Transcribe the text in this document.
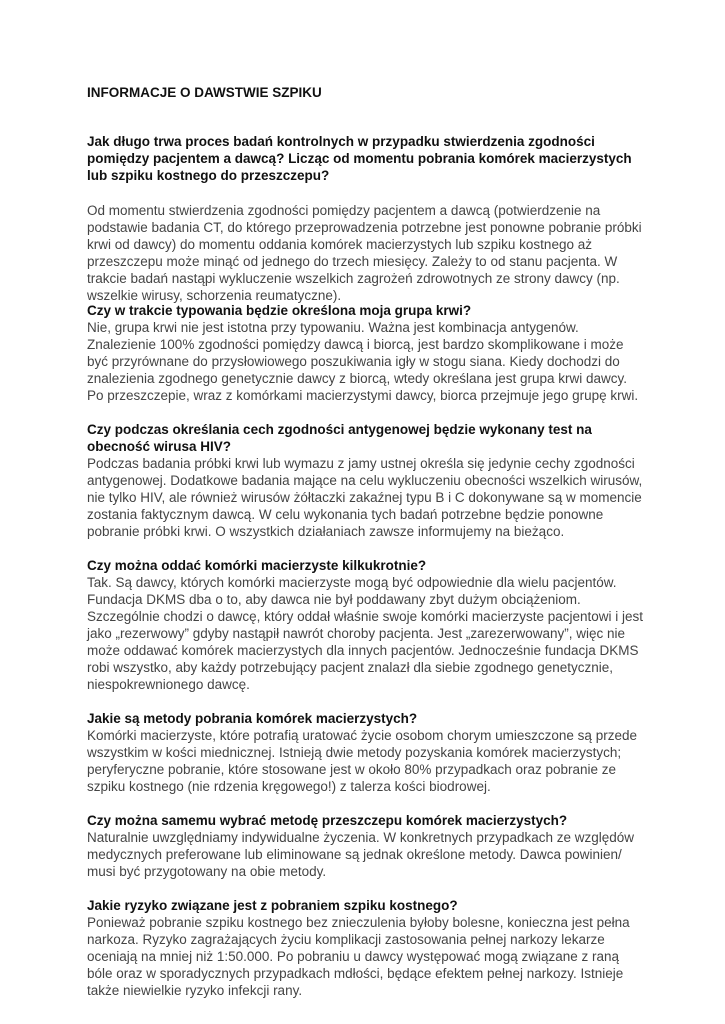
INFORMACJE O DAWSTWIE SZPIKU

Jak długo trwa proces badań kontrolnych w przypadku stwierdzenia zgodności
pomiędzy pacjentem a dawcą? Licząc od momentu pobrania komórek macierzystych
lub szpiku kostnego do przeszczepu?

Od momentu stwierdzenia zgodności pomiędzy pacjentem a dawcą (potwierdzenie na
podstawie badania CT, do którego przeprowadzenia potrzebne jest ponowne pobranie próbki
krwi od dawcy) do momentu oddania komórek macierzystych lub szpiku kostnego aż
przeszczepu może minąć od jednego do trzech miesięcy. Zależy to od stanu pacjenta. W
trakcie badań nastąpi wykluczenie wszelkich zagrożeń zdrowotnych ze strony dawcy (np.
wszelkie wirusy, schorzenia reumatyczne).

Czy w trakcie typowania będzie określona moja grupa krwi?

Nie, grupa krwi nie jest istotna przy typowaniu. Ważna jest kombinacja antygenów.
Znalezienie 100% zgodności pomiędzy dawcą i biorcą, jest bardzo skomplikowane i może
być przyrównane do przysłowiowego poszukiwania igły w stogu siana. Kiedy dochodzi do
znalezienia zgodnego genetycznie dawcy z biorcą, wtedy określana jest grupa krwi dawcy.
Po przeszczepie, wraz z komórkami macierzystymi dawcy, biorca przejmuje jego grupę krwi.

Czy podczas określania cech zgodności antygenowej będzie wykonany test na
obecność wirusa HIV?

Podczas badania próbki krwi lub wymazu z jamy ustnej określa się jedynie cechy zgodności
antygenowej. Dodatkowe badania mające na celu wykluczeniu obecności wszelkich wirusów,
nie tylko HIV, ale również wirusów żółtaczki zakaźnej typu B i C dokonywane są w momencie
zostania faktycznym dawcą. W celu wykonania tych badań potrzebne będzie ponowne
pobranie próbki krwi. O wszystkich działaniach zawsze informujemy na bieżąco.

Czy można oddać komórki macierzyste kilkukrotnie?

Tak. Są dawcy, których komórki macierzyste mogą być odpowiednie dla wielu pacjentów.
Fundacja DKMS dba o to, aby dawca nie był poddawany zbyt dużym obciążeniom.
Szczególnie chodzi o dawcę, który oddał właśnie swoje komórki macierzyste pacjentowi i jest
jako „rezerwowy” gdyby nastąpił nawrót choroby pacjenta. Jest „zarezerwowany”, więc nie
może oddawać komórek macierzystych dla innych pacjentów. Jednocześnie fundacja DKMS
robi wszystko, aby każdy potrzebujący pacjent znalazł dla siebie zgodnego genetycznie,
niespokrewnionego dawcę.

Jakie są metody pobrania komórek macierzystych?

Komórki macierzyste, które potrafią uratować życie osobom chorym umieszczone są przede
wszystkim w kości miednicznej. Istnieją dwie metody pozyskania komórek macierzystych;
peryferyczne pobranie, które stosowane jest w około 80% przypadkach oraz pobranie ze
szpiku kostnego (nie rdzenia kręgowego!) z talerza kości biodrowej.

Czy można samemu wybrać metodę przeszczepu komórek macierzystych?

Naturalnie uwzględniamy indywidualne życzenia. W konkretnych przypadkach ze względów
medycznych preferowane lub eliminowane są jednak określone metody. Dawca powinien/
musi być przygotowany na obie metody.

Jakie ryzyko związane jest z pobraniem szpiku kostnego?

Ponieważ pobranie szpiku kostnego bez znieczulenia byłoby bolesne, konieczna jest pełna
narkoza. Ryzyko zagrażających życiu komplikacji zastosowania pełnej narkozy lekarze
oceniają na mniej niż 1:50.000. Po pobraniu u dawcy występować mogą związane z raną
bóle oraz w sporadycznych przypadkach mdłości, będące efektem pełnej narkozy. Istnieje
także niewielkie ryzyko infekcji rany.
